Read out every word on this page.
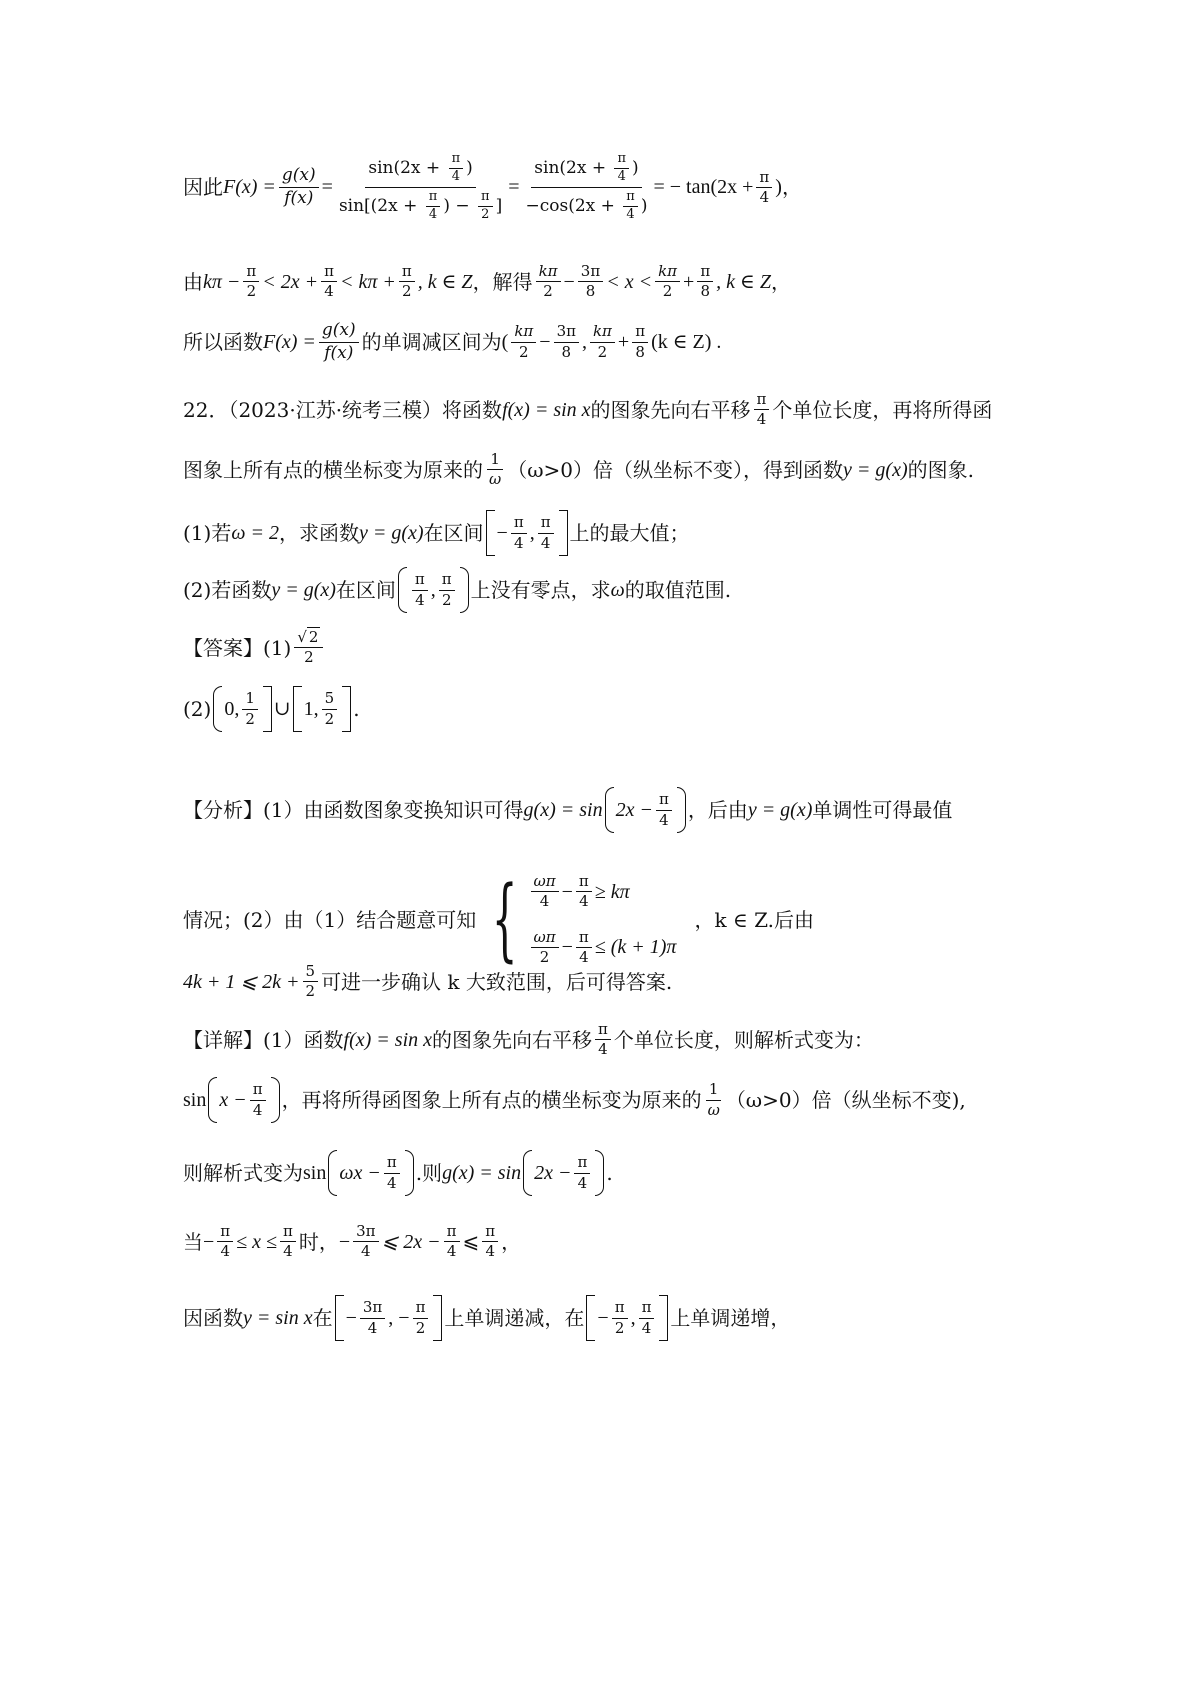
因此 $F(x) = \frac{g(x)}{f(x)} = \frac{\sin(2x + \frac{\pi}{4} )}{\sin[(2x + \frac{\pi}{4} ) - \frac{\pi}{2} ]} = \frac{\sin(2x + \frac{\pi}{4} )}{-\cos(2x + \frac{\pi}{4} )}$ = − $\tan(2x + \frac{\pi}{4}$ ) ，
由 $k\pi - \frac{\pi}{2} < 2x + \frac{\pi}{4} < k\pi + \frac{\pi}{2}$ , k ∈ Z ，解得 $\frac{k\pi}{2} - \frac{3\pi}{8} < x < \frac{k\pi}{2} + \frac{\pi}{8}$ , k ∈ Z ，
所以函数 $F(x) = \frac{g(x)}{f(x)}$ 的单调减区间为 ( $\frac{k\pi}{2} - \frac{3\pi}{8}$ , $\frac{k\pi}{2} + \frac{\pi}{8} (k$ ∈ Z) .
22．（2023·江苏·统考三模）将函数 f(x) = sin x 的图象先向右平移 $\frac{\pi}{4}$ 个单位长度，再将所得函
图象上所有点的横坐标变为原来的 $\frac{1}{\omega} (\omega>0)$倍（纵坐标不变），得到函数 y = g(x) 的图象.
(1)若 ω = 2 ，求函数 y = g(x) 在区间 − $\frac{\pi}{4}$ , $\frac{\pi}{4}$ 上的最大值；
(2)若函数 y = g(x) 在区间 $\frac{\pi}{4}$ , $\frac{\pi}{2}$ 上没有零点，求 ω 的取值范围.
【答案】$(1) \frac{√ 2}{2}$
(2) 0, $\frac{1}{2}$ ∪ 1, $\frac{5}{2}$ .
【分析】(1）由函数图象变换知识可得 $g(x) = \sin 2x - \frac{\pi}{4}$ ，后由 y = g(x) 单调性可得最值
情况；(2）由（1）结合题意可知 { $\frac{\omega\pi}{4} - \frac{\pi}{4} \ge k\pi$
$\frac{\omega\pi}{2} - \frac{\pi}{4} \le (k + 1)\pi$
，k ∈ Z.后由
4k + 1 ⩽ $2k + \frac{5}{2}$ 可进一步确认 k 大致范围，后可得答案.
【详解】(1）函数 f(x) = sin x 的图象先向右平移 $\frac{\pi}{4}$ 个单位长度，则解析式变为：
$\sin x - \frac{\pi}{4}$ ，再将所得函图象上所有点的横坐标变为原来的 $\frac{1}{\omega} (\omega>0)$倍（纵坐标不变),
则解析式变为 $\sin \omega x - \frac{\pi}{4}$ .则 $g(x) = \sin 2x - \frac{\pi}{4}$ .
当 − $\frac{\pi}{4} \le x \le \frac{\pi}{4}$ 时， − $\frac{3\pi}{4}$ ⩽ $2x - \frac{\pi}{4}$ ⩽ $\frac{\pi}{4}$ ，
因函数 y = sin x 在 − $\frac{3\pi}{4}$ , − $\frac{\pi}{2}$ 上单调递减，在 − $\frac{\pi}{2}$ , $\frac{\pi}{4}$ 上单调递增，
